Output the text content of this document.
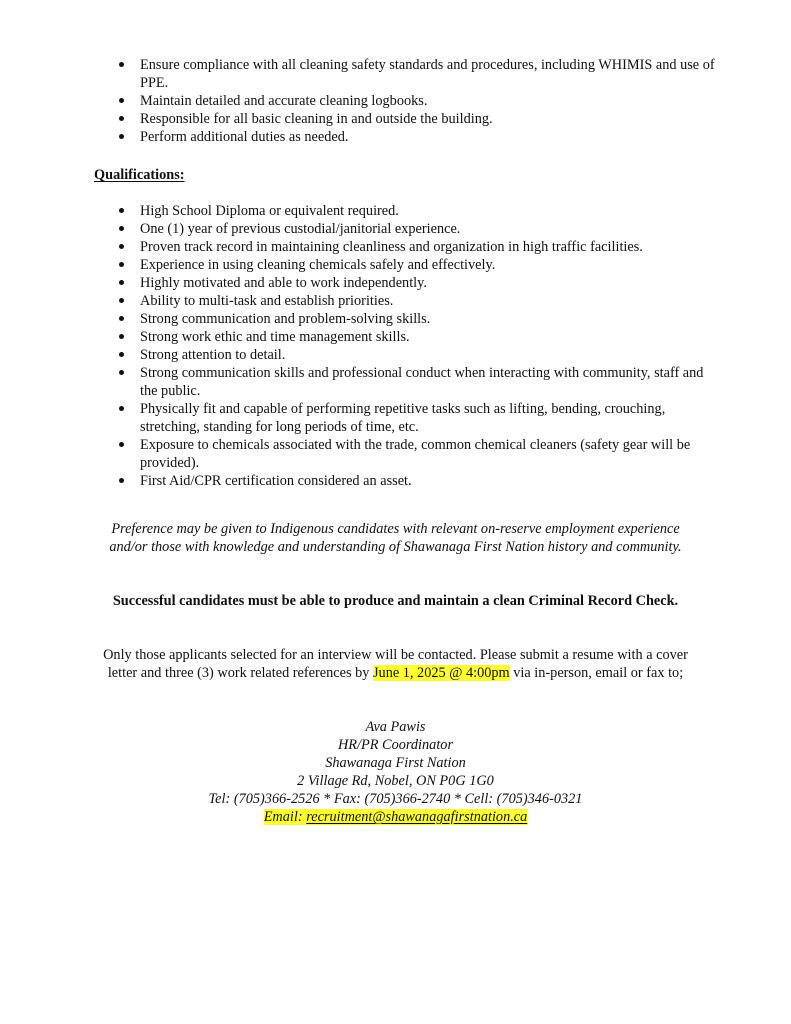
Ensure compliance with all cleaning safety standards and procedures, including WHIMIS and use of PPE.
Maintain detailed and accurate cleaning logbooks.
Responsible for all basic cleaning in and outside the building.
Perform additional duties as needed.
Qualifications:
High School Diploma or equivalent required.
One (1) year of previous custodial/janitorial experience.
Proven track record in maintaining cleanliness and organization in high traffic facilities.
Experience in using cleaning chemicals safely and effectively.
Highly motivated and able to work independently.
Ability to multi-task and establish priorities.
Strong communication and problem-solving skills.
Strong work ethic and time management skills.
Strong attention to detail.
Strong communication skills and professional conduct when interacting with community, staff and the public.
Physically fit and capable of performing repetitive tasks such as lifting, bending, crouching, stretching, standing for long periods of time, etc.
Exposure to chemicals associated with the trade, common chemical cleaners (safety gear will be provided).
First Aid/CPR certification considered an asset.
Preference may be given to Indigenous candidates with relevant on-reserve employment experience and/or those with knowledge and understanding of Shawanaga First Nation history and community.
Successful candidates must be able to produce and maintain a clean Criminal Record Check.
Only those applicants selected for an interview will be contacted. Please submit a resume with a cover letter and three (3) work related references by June 1, 2025 @ 4:00pm via in-person, email or fax to;
Ava Pawis
HR/PR Coordinator
Shawanaga First Nation
2 Village Rd, Nobel, ON P0G 1G0
Tel: (705)366-2526 * Fax: (705)366-2740 * Cell: (705)346-0321
Email: recruitment@shawanagafirstnation.ca
